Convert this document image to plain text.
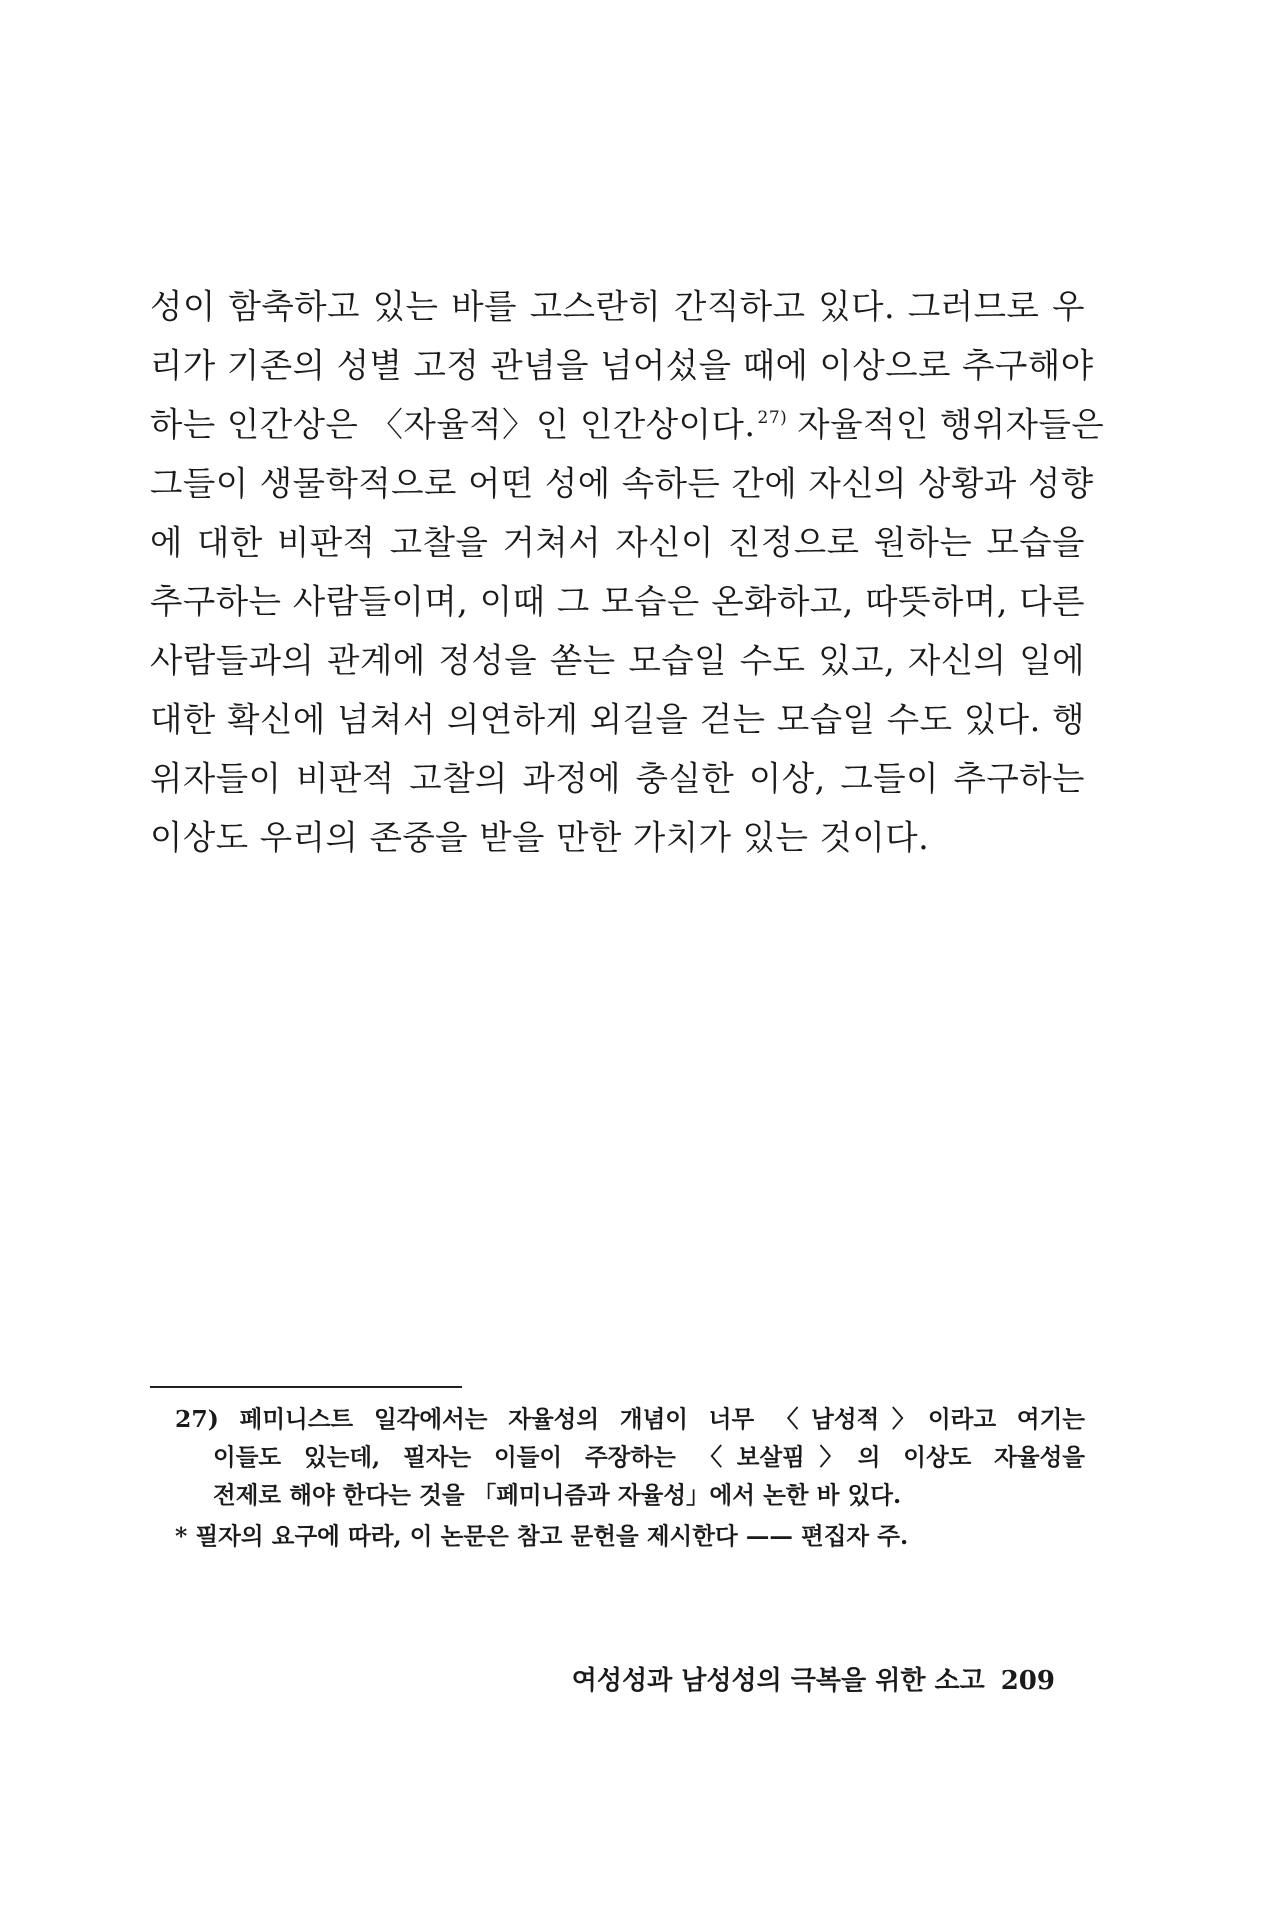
성이 함축하고 있는 바를 고스란히 간직하고 있다. 그러므로 우
리가 기존의 성별 고정 관념을 넘어섰을 때에 이상으로 추구해야
하는 인간상은 〈자율적〉인 인간상이다. $^{27)}$ 자율적인 행위자들은
그들이 생물학적으로 어떤 성에 속하든 간에 자신의 상황과 성향
에 대한 비판적 고찰을 거쳐서 자신이 진정으로 원하는 모습을
추구하는 사람들이며, 이때 그 모습은 온화하고, 따뜻하며, 다른
사람들과의 관계에 정성을 쏟는 모습일 수도 있고, 자신의 일에
대한 확신에 넘쳐서 의연하게 외길을 걷는 모습일 수도 있다. 행
위자들이 비판적 고찰의 과정에 충실한 이상, 그들이 추구하는
이상도 우리의 존중을 받을 만한 가치가 있는 것이다.
27) 페미니스트 일각에서는 자율성의 개념이 너무 〈남성적〉이라고 여기는
이들도 있는데, 필자는 이들이 주장하는 〈보살핌〉의 이상도 자율성을
전제로 해야 한다는 것을 「페미니즘과 자율성」에서 논한 바 있다.
* 필자의 요구에 따라, 이 논문은 참고 문헌을 제시한다 —— 편집자 주.
여성성과 남성성의 극복을 위한 소고 209
